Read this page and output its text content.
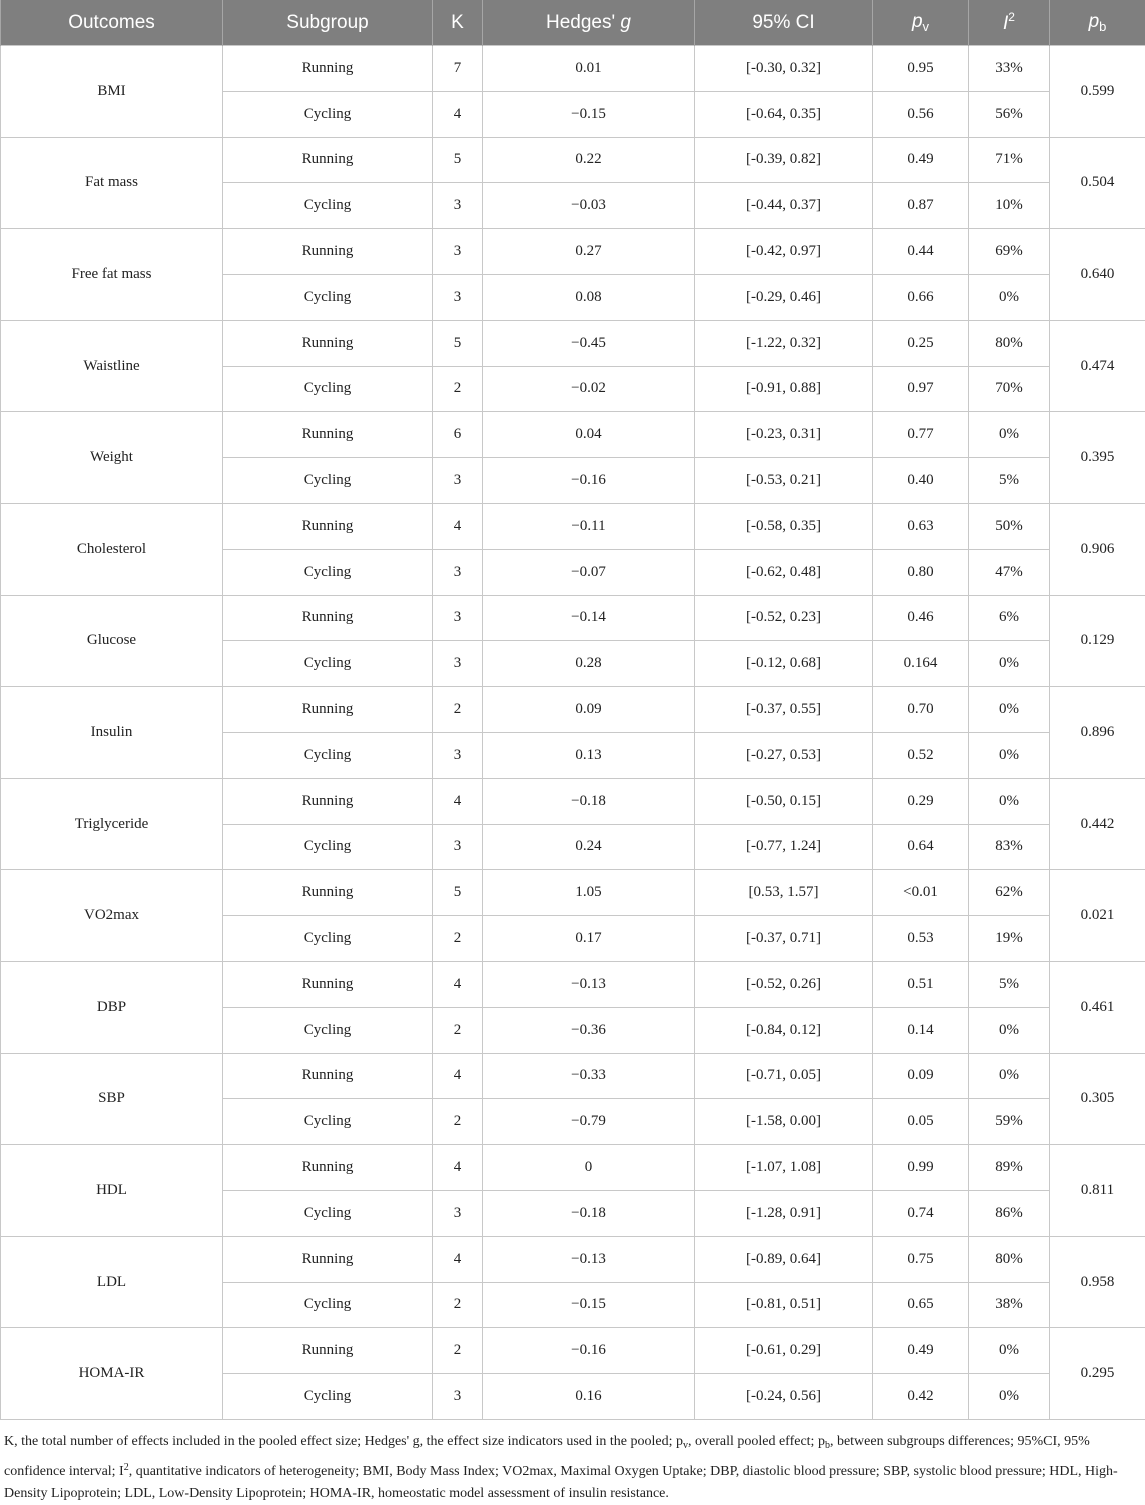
Outcomes	Subgroup	K	Hedges' g	95% CI	$p_v$	$I^2$	$p_b$
BMI	Running	7	0.01	[-0.30, 0.32]	0.95	33%	0.599
	Cycling	4	−0.15	[-0.64, 0.35]	0.56	56%	
Fat mass	Running	5	0.22	[-0.39, 0.82]	0.49	71%	0.504
	Cycling	3	−0.03	[-0.44, 0.37]	0.87	10%	
Free fat mass	Running	3	0.27	[-0.42, 0.97]	0.44	69%	0.640
	Cycling	3	0.08	[-0.29, 0.46]	0.66	0%	
Waistline	Running	5	−0.45	[-1.22, 0.32]	0.25	80%	0.474
	Cycling	2	−0.02	[-0.91, 0.88]	0.97	70%	
Weight	Running	6	0.04	[-0.23, 0.31]	0.77	0%	0.395
	Cycling	3	−0.16	[-0.53, 0.21]	0.40	5%	
Cholesterol	Running	4	−0.11	[-0.58, 0.35]	0.63	50%	0.906
	Cycling	3	−0.07	[-0.62, 0.48]	0.80	47%	
Glucose	Running	3	−0.14	[-0.52, 0.23]	0.46	6%	0.129
	Cycling	3	0.28	[-0.12, 0.68]	0.164	0%	
Insulin	Running	2	0.09	[-0.37, 0.55]	0.70	0%	0.896
	Cycling	3	0.13	[-0.27, 0.53]	0.52	0%	
Triglyceride	Running	4	−0.18	[-0.50, 0.15]	0.29	0%	0.442
	Cycling	3	0.24	[-0.77, 1.24]	0.64	83%	
VO2max	Running	5	1.05	[0.53, 1.57]	<0.01	62%	0.021
	Cycling	2	0.17	[-0.37, 0.71]	0.53	19%	
DBP	Running	4	−0.13	[-0.52, 0.26]	0.51	5%	0.461
	Cycling	2	−0.36	[-0.84, 0.12]	0.14	0%	
SBP	Running	4	−0.33	[-0.71, 0.05]	0.09	0%	0.305
	Cycling	2	−0.79	[-1.58, 0.00]	0.05	59%	
HDL	Running	4	0	[-1.07, 1.08]	0.99	89%	0.811
	Cycling	3	−0.18	[-1.28, 0.91]	0.74	86%	
LDL	Running	4	−0.13	[-0.89, 0.64]	0.75	80%	0.958
	Cycling	2	−0.15	[-0.81, 0.51]	0.65	38%	
HOMA-IR	Running	2	−0.16	[-0.61, 0.29]	0.49	0%	0.295
	Cycling	3	0.16	[-0.24, 0.56]	0.42	0%	
K, the total number of effects included in the pooled effect size; Hedges' g, the effect size indicators used in the pooled; $p_v$, overall pooled effect; $p_b$, between subgroups differences; 95%CI, 95% confidence interval; $I^2$, quantitative indicators of heterogeneity; BMI, Body Mass Index; VO2max, Maximal Oxygen Uptake; DBP, diastolic blood pressure; SBP, systolic blood pressure; HDL, High-Density Lipoprotein; LDL, Low-Density Lipoprotein; HOMA-IR, homeostatic model assessment of insulin resistance.
